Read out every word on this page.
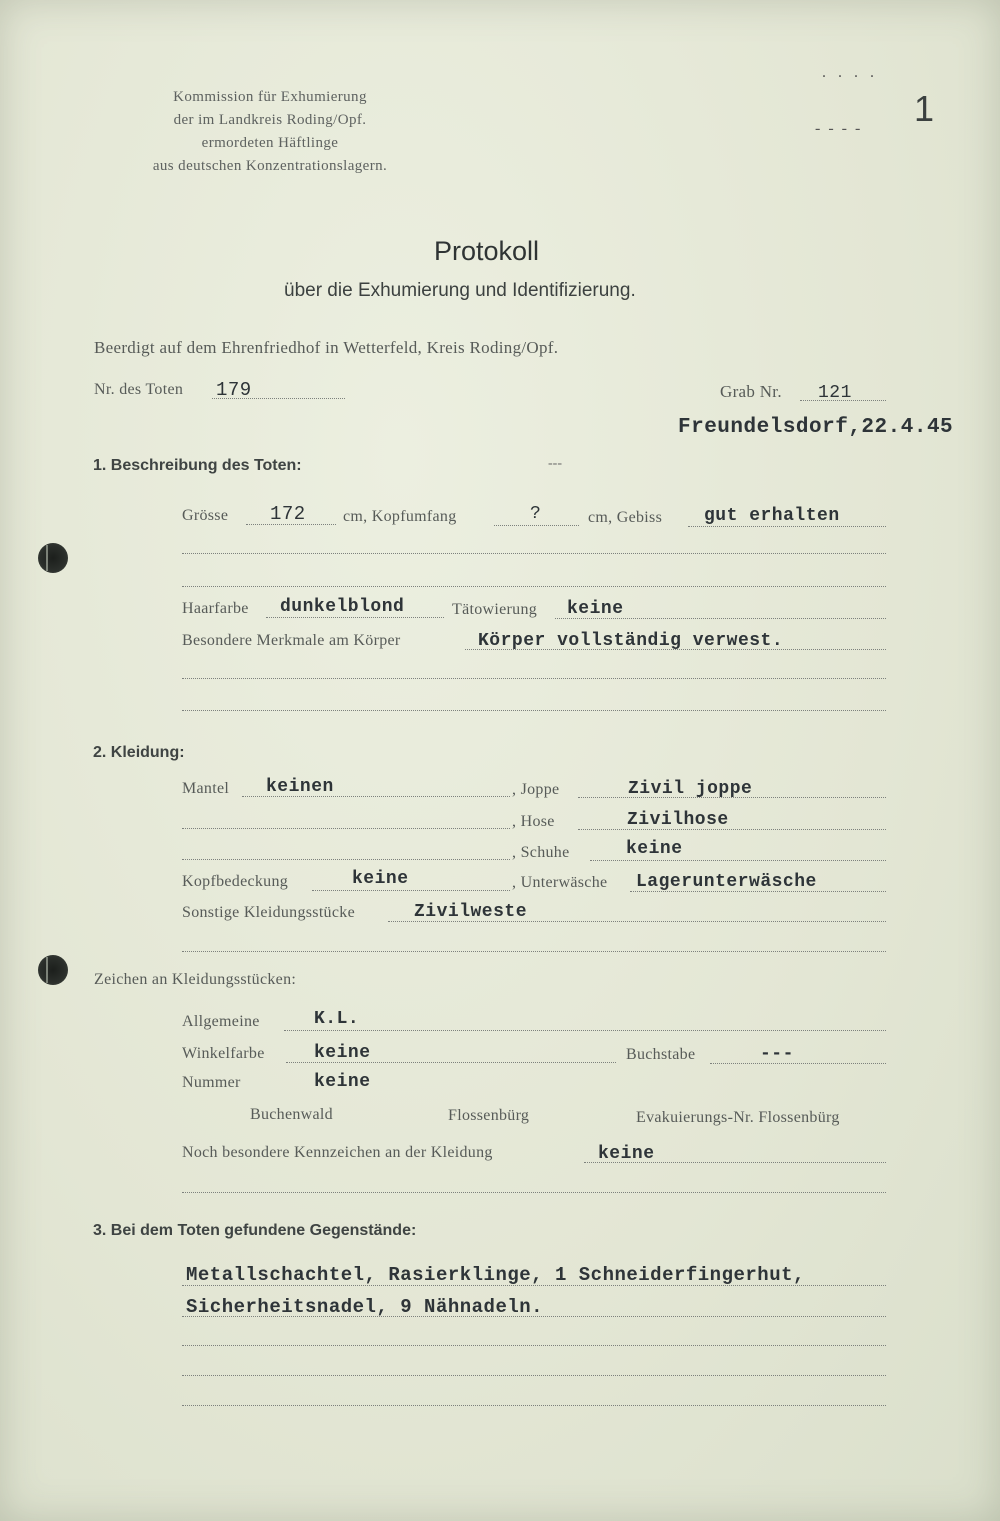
Kommission für Exhumierung
der im Landkreis Roding/Opf.
ermordeten Häftlinge
aus deutschen Konzentrationslagern.
. . . .
- - - - 1
Protokoll
über die Exhumierung und Identifizierung.
Beerdigt auf dem Ehrenfriedhof in Wetterfeld, Kreis Roding/Opf.
Nr. des Toten 179	Grab Nr. 121
Freundelsdorf,22.4.45
1. Beschreibung des Toten:	---
Grösse 172 cm, Kopfumfang	?	cm, Gebiss gut erhalten
Haarfarbe dunkelblond	Tätowierung keine
Besondere Merkmale am Körper	Körper vollständig verwest.
2. Kleidung:
Mantel keinen	, Joppe	Zivil joppe
, Hose	Zivilhose
, Schuhe	keine
Kopfbedeckung	keine	, Unterwäsche Lagerunterwäsche
Sonstige Kleidungsstücke	Zivilweste
Zeichen an Kleidungsstücken:
Allgemeine	K.L.
Winkelfarbe	keine	Buchstabe	---
Nummer	keine
Buchenwald	Flossenbürg	Evakuierungs-Nr. Flossenbürg
Noch besondere Kennzeichen an der Kleidung	keine
3. Bei dem Toten gefundene Gegenstände:
Metallschachtel, Rasierklinge, 1 Schneiderfingerhut,
Sicherheitsnadel, 9 Nähnadeln.
